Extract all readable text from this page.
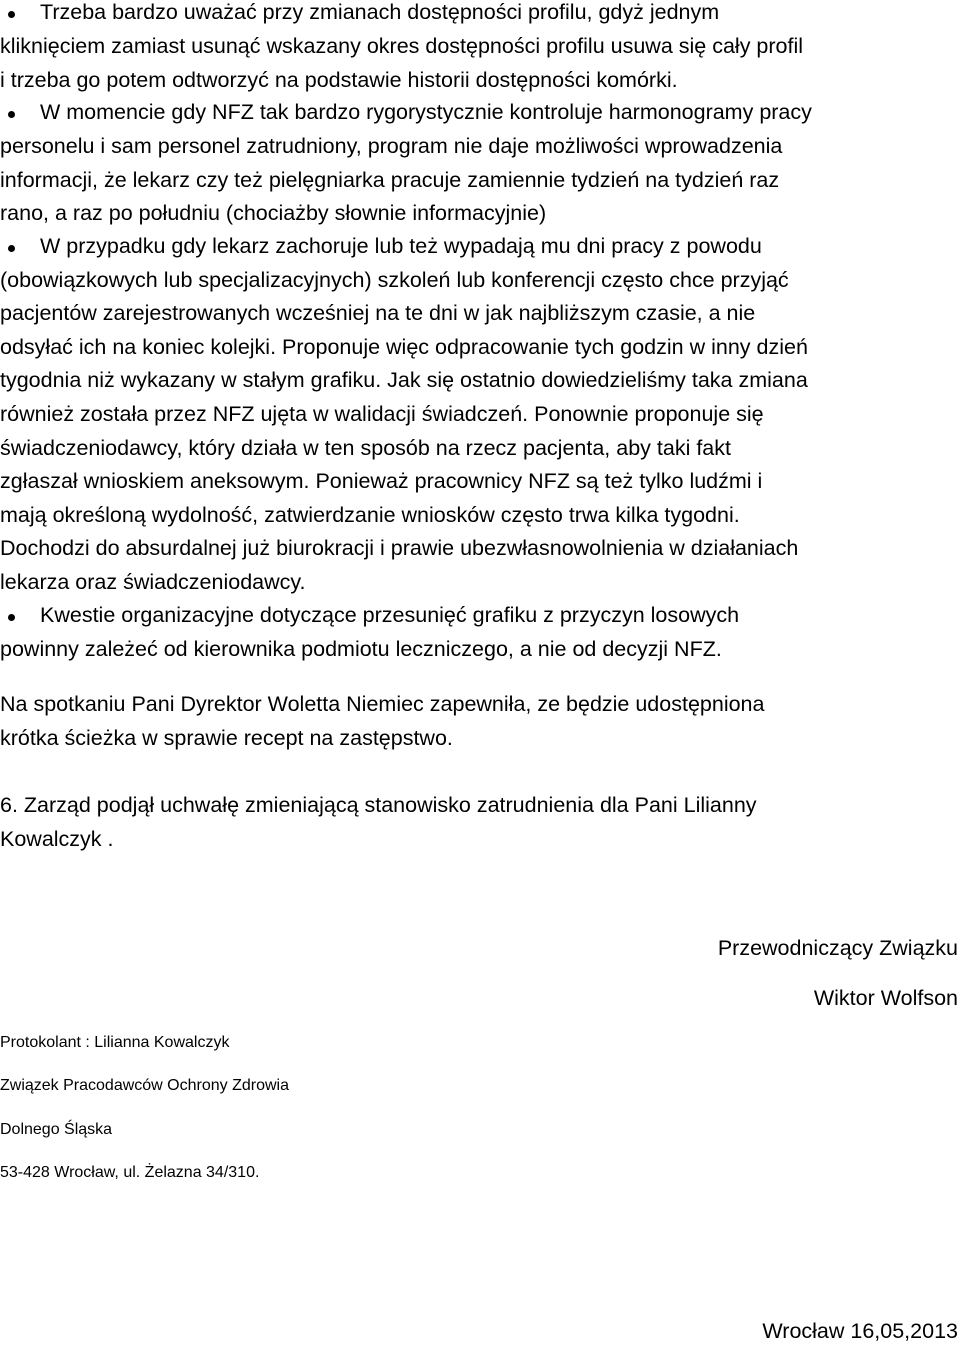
Trzeba bardzo uważać przy zmianach dostępności profilu, gdyż jednym

kliknięciem zamiast usunąć wskazany okres dostępności profilu usuwa się cały profil

i trzeba go potem odtworzyć na podstawie historii dostępności komórki.

W momencie gdy NFZ tak bardzo rygorystycznie kontroluje harmonogramy pracy

personelu i sam personel zatrudniony, program nie daje możliwości wprowadzenia

informacji, że lekarz czy też pielęgniarka pracuje zamiennie tydzień na tydzień raz

rano, a raz po południu (chociażby słownie informacyjnie)

W przypadku gdy lekarz zachoruje lub też wypadają mu dni pracy z powodu

(obowiązkowych lub specjalizacyjnych) szkoleń lub konferencji często chce przyjąć

pacjentów zarejestrowanych wcześniej na te dni w jak najbliższym czasie, a nie

odsyłać ich na koniec kolejki. Proponuje więc odpracowanie tych godzin w inny dzień

tygodnia niż wykazany w stałym grafiku. Jak się ostatnio dowiedzieliśmy taka zmiana

również została przez NFZ ujęta w walidacji świadczeń. Ponownie proponuje się

świadczeniodawcy, który działa w ten sposób na rzecz pacjenta, aby taki fakt

zgłaszał wnioskiem aneksowym. Ponieważ pracownicy NFZ są też tylko ludźmi i

mają określoną wydolność, zatwierdzanie wniosków często trwa kilka tygodni.

Dochodzi do absurdalnej już biurokracji i prawie ubezwłasnowolnienia w działaniach

lekarza oraz świadczeniodawcy.

Kwestie organizacyjne dotyczące przesunięć grafiku z przyczyn losowych

powinny zależeć od kierownika podmiotu leczniczego, a nie od decyzji NFZ.

Na spotkaniu Pani Dyrektor Woletta Niemiec zapewniła, ze będzie udostępniona

krótka ścieżka w sprawie recept na zastępstwo.

6. Zarząd podjął uchwałę zmieniającą stanowisko zatrudnienia dla Pani Lilianny

Kowalczyk .

Przewodniczący Związku
Wiktor Wolfson
Protokolant : Lilianna Kowalczyk
Związek Pracodawców Ochrony Zdrowia
Dolnego Śląska
53-428 Wrocław, ul. Żelazna 34/310.
Wrocław 16,05,2013
